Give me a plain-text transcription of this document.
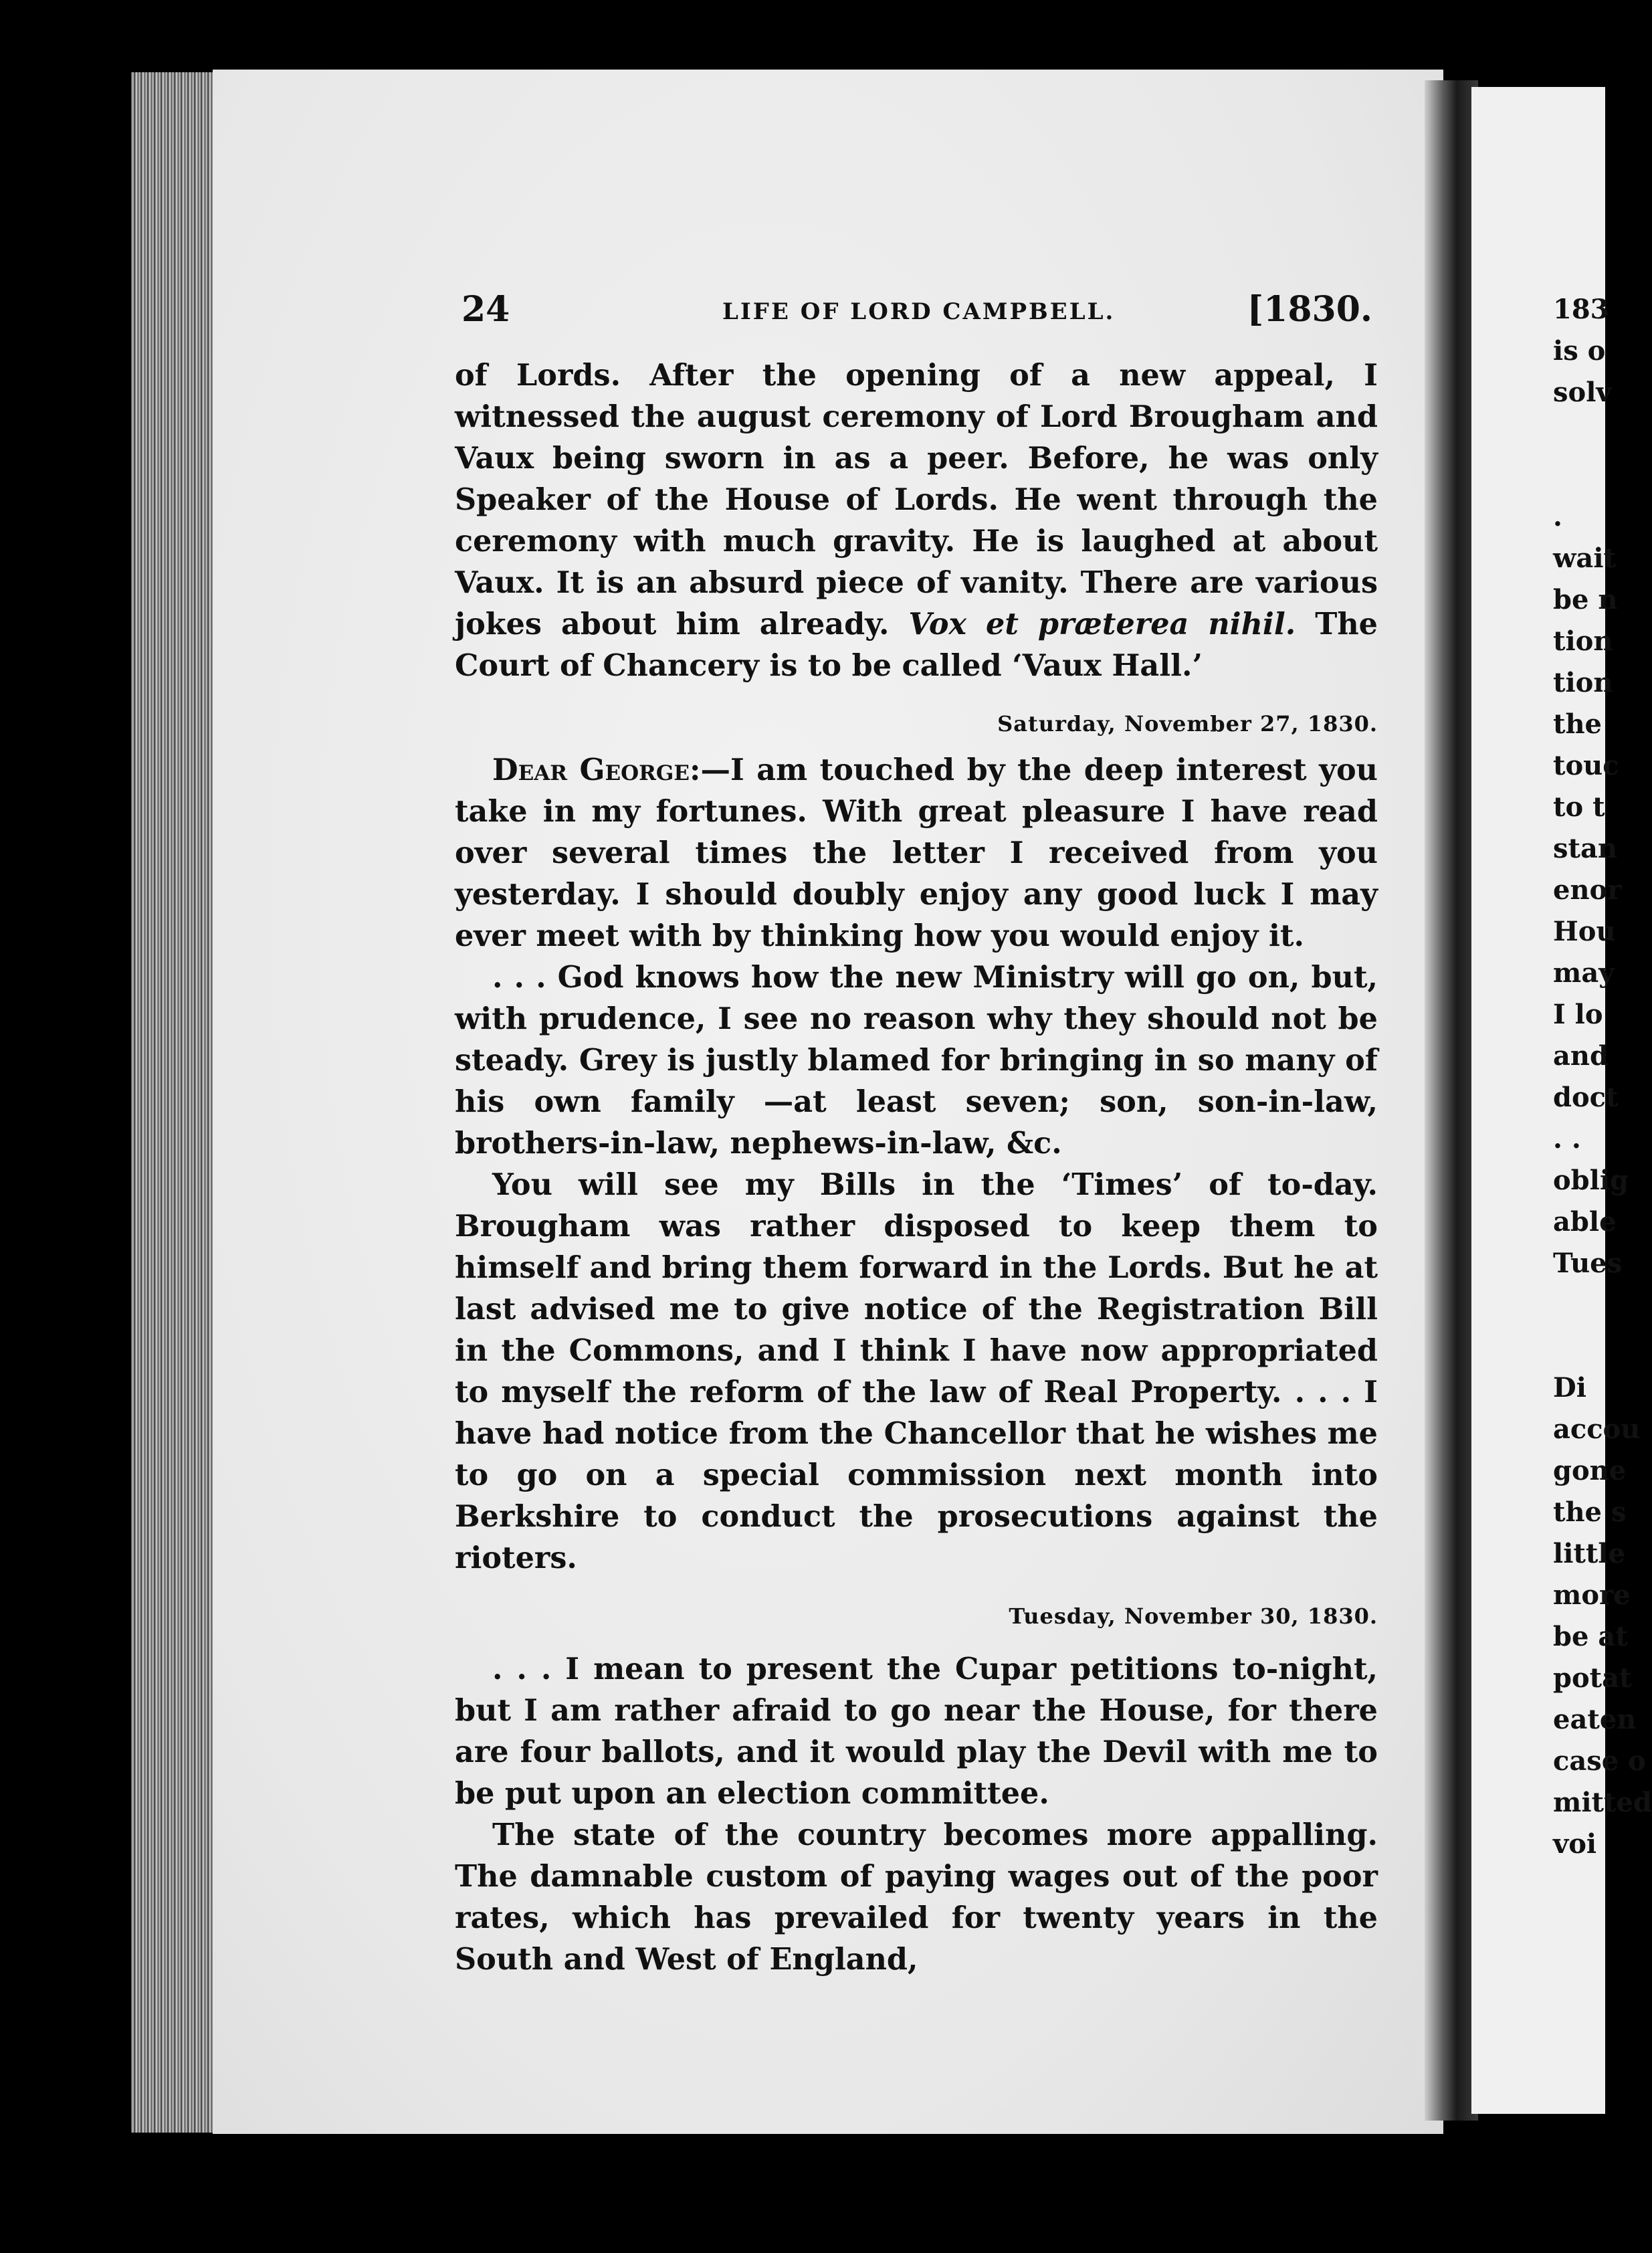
24	LIFE OF LORD CAMPBELL.	[1830.

of Lords. After the opening of a new appeal, I witnessed the august ceremony of Lord Brougham and Vaux being sworn in as a peer. Before, he was only Speaker of the House of Lords. He went through the ceremony with much gravity. He is laughed at about Vaux. It is an absurd piece of vanity. There are various jokes about him already. Vox et præterea nihil. The Court of Chancery is to be called ‘Vaux Hall.’

Saturday, November 27, 1830.

Dear George:—I am touched by the deep interest you take in my fortunes. With great pleasure I have read over several times the letter I received from you yesterday. I should doubly enjoy any good luck I may ever meet with by thinking how you would enjoy it.

. . . God knows how the new Ministry will go on, but, with prudence, I see no reason why they should not be steady. Grey is justly blamed for bringing in so many of his own family —at least seven; son, son-in-law, brothers-in-law, nephews-in-law, &c.

You will see my Bills in the ‘Times’ of to-day. Brougham was rather disposed to keep them to himself and bring them forward in the Lords. But he at last advised me to give notice of the Registration Bill in the Commons, and I think I have now appropriated to myself the reform of the law of Real Property. . . . I have had notice from the Chancellor that he wishes me to go on a special commission next month into Berkshire to conduct the prosecutions against the rioters.

Tuesday, November 30, 1830.

. . . I mean to present the Cupar petitions to-night, but I am rather afraid to go near the House, for there are four ballots, and it would play the Devil with me to be put upon an election committee.

The state of the country becomes more appalling. The damnable custom of paying wages out of the poor rates, which has prevailed for twenty years in the South and West of England,

183
is o
solv
.
wait
be n
tion
tion
the
touc
to t
stan
enor
Hou
may
I lo
and
doct
. .
oblig
able
Tues
Di
accou
gone
the s
little
more
be at
potat
eaten
case o
mitted
voi
